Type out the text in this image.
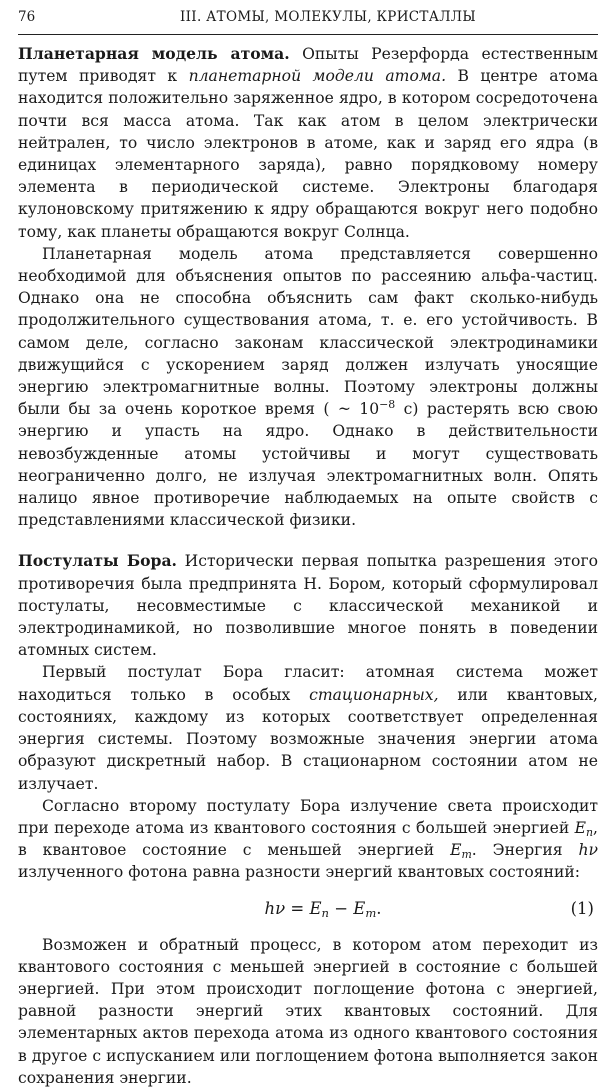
76	III. АТОМЫ, МОЛЕКУЛЫ, КРИСТАЛЛЫ

Планетарная модель атома. Опыты Резерфорда естественным путем приводят к планетарной модели атома. В центре атома находится положительно заряженное ядро, в котором сосредоточена почти вся масса атома. Так как атом в целом электрически нейтрален, то число электронов в атоме, как и заряд его ядра (в единицах элементарного заряда), равно порядковому номеру элемента в периодической системе. Электроны благодаря кулоновскому притяжению к ядру обращаются вокруг него подобно тому, как планеты обращаются вокруг Солнца.

Планетарная модель атома представляется совершенно необходимой для объяснения опытов по рассеянию альфа-частиц. Однако она не способна объяснить сам факт сколько-нибудь продолжительного существования атома, т. е. его устойчивость. В самом деле, согласно законам классической электродинамики движущийся с ускорением заряд должен излучать уносящие энергию электромагнитные волны. Поэтому электроны должны были бы за очень короткое время ( ~ $10^{-8}$ с) растерять всю свою энергию и упасть на ядро. Однако в действительности невозбужденные атомы устойчивы и могут существовать неограниченно долго, не излучая электромагнитных волн. Опять налицо явное противоречие наблюдаемых на опыте свойств с представлениями классической физики.

Постулаты Бора. Исторически первая попытка разрешения этого противоречия была предпринята Н. Бором, который сформулировал постулаты, несовместимые с классической механикой и электродинамикой, но позволившие многое понять в поведении атомных систем.

Первый постулат Бора гласит: атомная система может находиться только в особых стационарных, или квантовых, состояниях, каждому из которых соответствует определенная энергия системы. Поэтому возможные значения энергии атома образуют дискретный набор. В стационарном состоянии атом не излучает.

Согласно второму постулату Бора излучение света происходит при переходе атома из квантового состояния с большей энергией $E_n$, в квантовое состояние с меньшей энергией $E_m$. Энергия hν излученного фотона равна разности энергий квантовых состояний:

$h\nu = E_n - E_m$.	(1)

Возможен и обратный процесс, в котором атом переходит из квантового состояния с меньшей энергией в состояние с большей энергией. При этом происходит поглощение фотона с энергией, равной разности энергий этих квантовых состояний. Для элементарных актов перехода атома из одного квантового состояния в другое с испусканием или поглощением фотона выполняется закон сохранения энергии.
